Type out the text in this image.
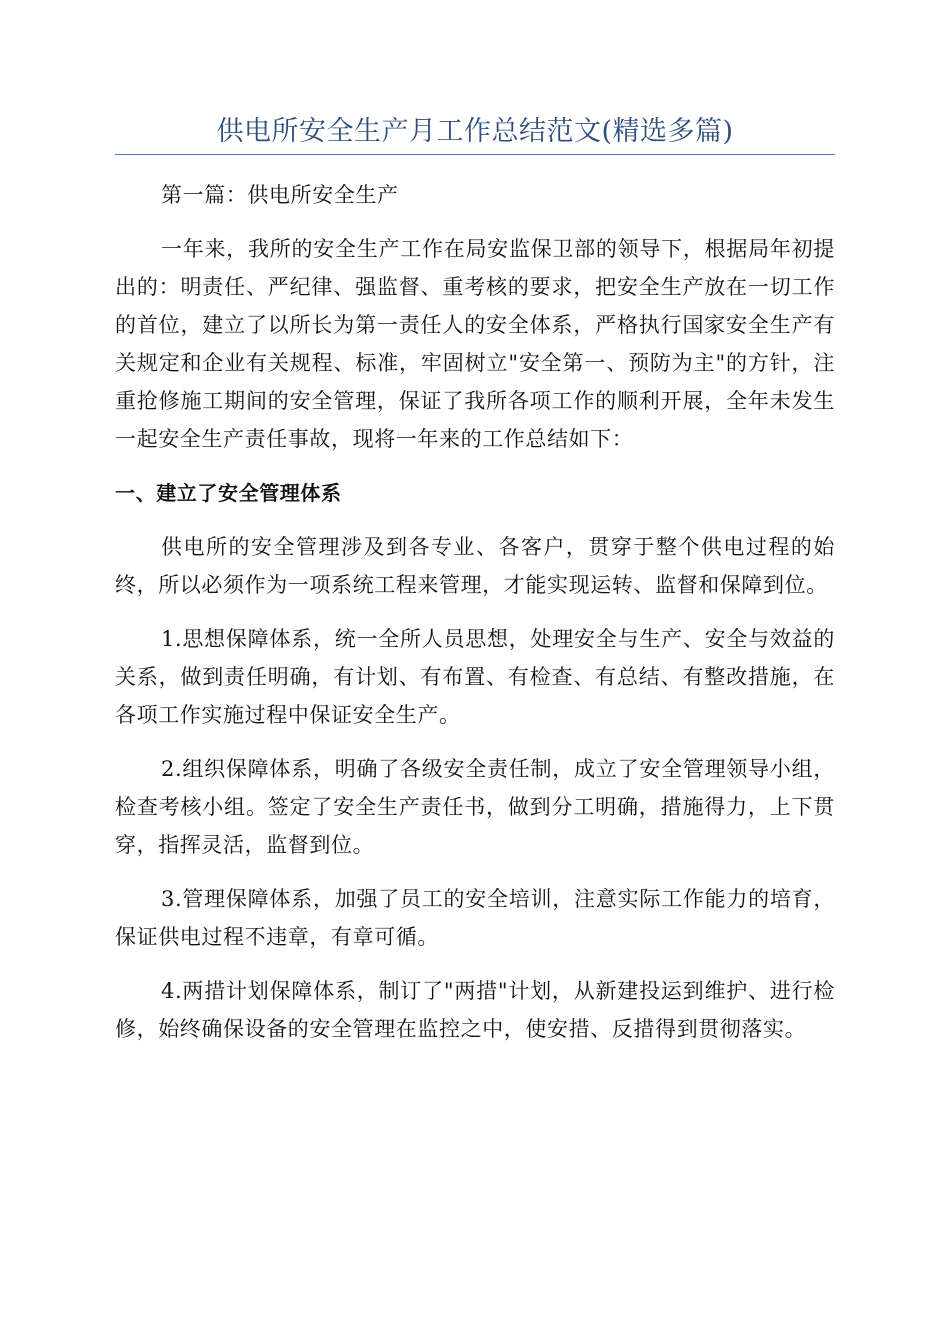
供电所安全生产月工作总结范文(精选多篇)

第一篇：供电所安全生产

一年来，我所的安全生产工作在局安监保卫部的领导下，根据局年初提出的：明责任、严纪律、强监督、重考核的要求，把安全生产放在一切工作的首位，建立了以所长为第一责任人的安全体系，严格执行国家安全生产有关规定和企业有关规程、标准，牢固树立"安全第一、预防为主"的方针，注重抢修施工期间的安全管理，保证了我所各项工作的顺利开展，全年未发生一起安全生产责任事故，现将一年来的工作总结如下：

一、建立了安全管理体系

供电所的安全管理涉及到各专业、各客户，贯穿于整个供电过程的始终，所以必须作为一项系统工程来管理，才能实现运转、监督和保障到位。

1.思想保障体系，统一全所人员思想，处理安全与生产、安全与效益的关系，做到责任明确，有计划、有布置、有检查、有总结、有整改措施，在各项工作实施过程中保证安全生产。

2.组织保障体系，明确了各级安全责任制，成立了安全管理领导小组，检查考核小组。签定了安全生产责任书，做到分工明确，措施得力，上下贯穿，指挥灵活，监督到位。

3.管理保障体系，加强了员工的安全培训，注意实际工作能力的培育，保证供电过程不违章，有章可循。

4.两措计划保障体系，制订了"两措"计划，从新建投运到维护、进行检修，始终确保设备的安全管理在监控之中，使安措、反措得到贯彻落实。
